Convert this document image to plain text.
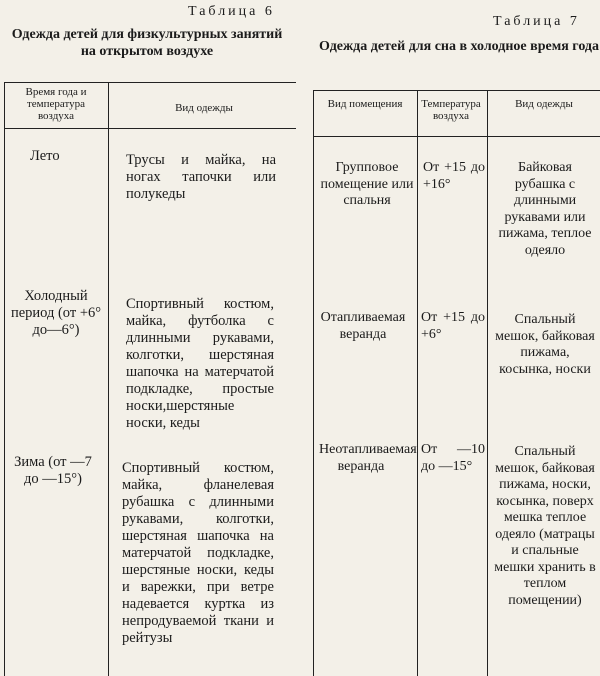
Таблица 6
Одежда детей для физкультурных занятий на открытом воздухе
Время года и температура воздуха
Вид одежды
Лето	Трусы и майка, на ногах тапочки или полукеды
Холодный период (от +6° до—6°)
Спортивный костюм, майка, футболка с длинными рукавами, колготки, шерстяная шапочка на матерчатой подкладке, простые носки,шерстяные носки, кеды
Зима (от —7 до —15°)
Спортивный костюм, майка, фланелевая рубашка с длинными рукавами, колготки, шерстяная шапочка на матерчатой подкладке, шерстяные носки, кеды и варежки, при ветре надевается куртка из непродуваемой ткани и рейтузы
Таблица 7
Одежда детей для сна в холодное время года
Вид помещения	Температура воздуха
Вид одежды
Групповое помещение или спальня
От +15 до +16°
Байковая рубашка с длинными рукавами или пижама, теплое одеяло
Отапливаемая веранда
От +15 до +6°
Спальный мешок, байковая пижама, косынка, носки
Неотапливаемая веранда
От —10 до —15°
Спальный мешок, байковая пижама, носки, косынка, поверх мешка теплое одеяло (матрацы и спальные мешки хранить в теплом помещении)
